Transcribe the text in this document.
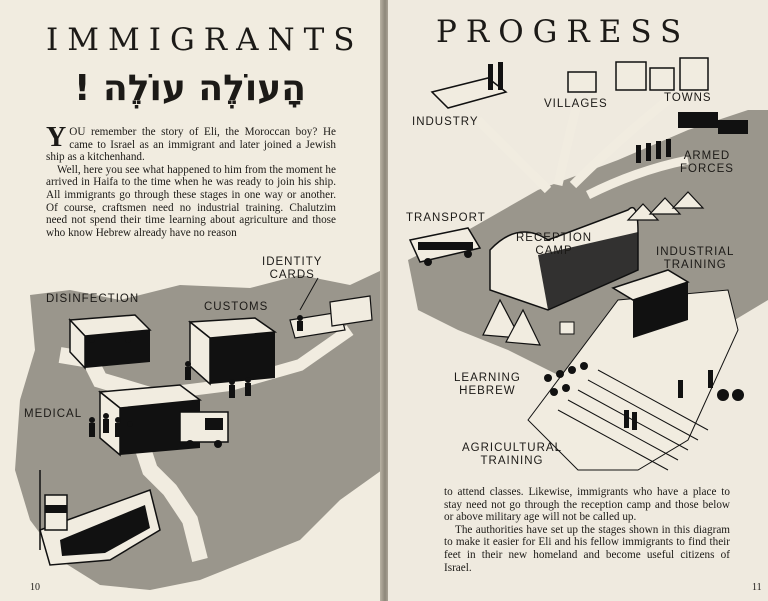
IMMIGRANTS
הָעוֹלֶה עוֹלֶה !

YOU remember the story of Eli, the Moroccan boy? He came to Israel as an immigrant and later joined a Jewish ship as a kitchenhand.

Well, here you see what happened to him from the moment he arrived in Haifa to the time when he was ready to join his ship. All immigrants go through these stages in one way or another. Of course, craftsmen need no industrial training. Chalutzim need not spend their time learning about agriculture and those who know Hebrew already have no reason

IDENTITY
CARDS
DISINFECTION
CUSTOMS
MEDICAL
10
PROGRESS
VILLAGES	TOWNS
INDUSTRY
ARMED
FORCES
TRANSPORT
RECEPTION
CAMP	INDUSTRIAL
TRAINING
LEARNING
HEBREW
AGRICULTURAL
TRAINING

to attend classes. Likewise, immigrants who have a place to stay need not go through the reception camp and those below or above military age will not be called up.

The authorities have set up the stages shown in this diagram to make it easier for Eli and his fellow immigrants to find their feet in their new homeland and become useful citizens of Israel.

11
